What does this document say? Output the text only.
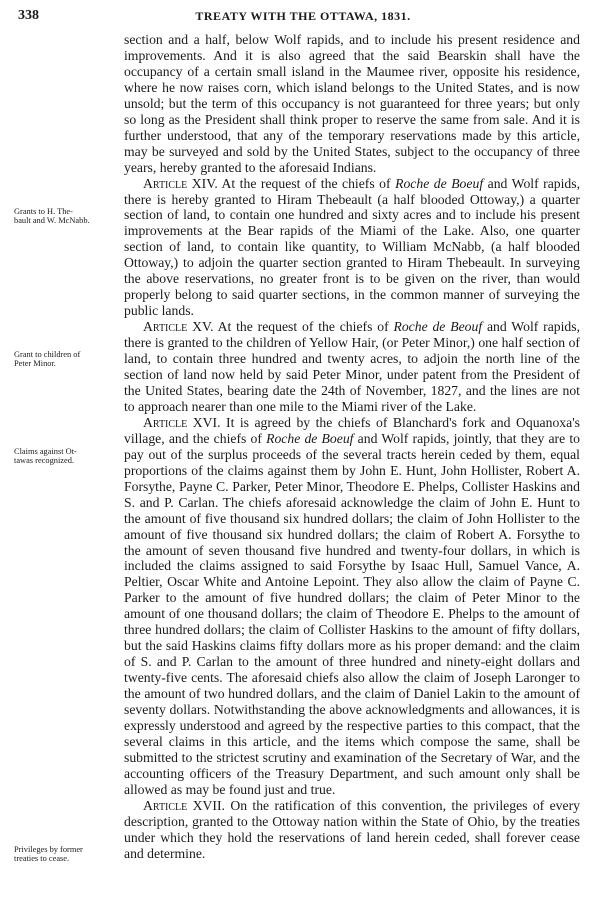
338	TREATY WITH THE OTTAWA, 1831.
Grants to H. The-
bault and W. McNabb.
Grant to children of
Peter Minor.
Claims against Ot-
tawas recognized.
Privileges by former
treaties to cease.

section and a half, below Wolf rapids, and to include his present residence and improvements. And it is also agreed that the said Bearskin shall have the occupancy of a certain small island in the Maumee river, opposite his residence, where he now raises corn, which island belongs to the United States, and is now unsold; but the term of this occupancy is not guaranteed for three years; but only so long as the President shall think proper to reserve the same from sale. And it is further understood, that any of the temporary reservations made by this article, may be surveyed and sold by the United States, subject to the occupancy of three years, hereby granted to the aforesaid Indians.

Article XIV. At the request of the chiefs of Roche de Boeuf and Wolf rapids, there is hereby granted to Hiram Thebeault (a half blooded Ottoway,) a quarter section of land, to contain one hundred and sixty acres and to include his present improvements at the Bear rapids of the Miami of the Lake. Also, one quarter section of land, to contain like quantity, to William McNabb, (a half blooded Ottoway,) to adjoin the quarter section granted to Hiram Thebeault. In surveying the above reservations, no greater front is to be given on the river, than would properly belong to said quarter sections, in the common manner of surveying the public lands.

Article XV. At the request of the chiefs of Roche de Beouf and Wolf rapids, there is granted to the children of Yellow Hair, (or Peter Minor,) one half section of land, to contain three hundred and twenty acres, to adjoin the north line of the section of land now held by said Peter Minor, under patent from the President of the United States, bearing date the 24th of November, 1827, and the lines are not to approach nearer than one mile to the Miami river of the Lake.

Article XVI. It is agreed by the chiefs of Blanchard's fork and Oquanoxa's village, and the chiefs of Roche de Boeuf and Wolf rapids, jointly, that they are to pay out of the surplus proceeds of the several tracts herein ceded by them, equal proportions of the claims against them by John E. Hunt, John Hollister, Robert A. Forsythe, Payne C. Parker, Peter Minor, Theodore E. Phelps, Collister Haskins and S. and P. Carlan. The chiefs aforesaid acknowledge the claim of John E. Hunt to the amount of five thousand six hundred dollars; the claim of John Hollister to the amount of five thousand six hundred dollars; the claim of Robert A. Forsythe to the amount of seven thousand five hundred and twenty-four dollars, in which is included the claims assigned to said Forsythe by Isaac Hull, Samuel Vance, A. Peltier, Oscar White and Antoine Lepoint. They also allow the claim of Payne C. Parker to the amount of five hundred dollars; the claim of Peter Minor to the amount of one thousand dollars; the claim of Theodore E. Phelps to the amount of three hundred dollars; the claim of Collister Haskins to the amount of fifty dollars, but the said Haskins claims fifty dollars more as his proper demand: and the claim of S. and P. Carlan to the amount of three hundred and ninety-eight dollars and twenty-five cents. The aforesaid chiefs also allow the claim of Joseph Laronger to the amount of two hundred dollars, and the claim of Daniel Lakin to the amount of seventy dollars. Notwithstanding the above acknowledgments and allowances, it is expressly understood and agreed by the respective parties to this compact, that the several claims in this article, and the items which compose the same, shall be submitted to the strictest scrutiny and examination of the Secretary of War, and the accounting officers of the Treasury Department, and such amount only shall be allowed as may be found just and true.

Article XVII. On the ratification of this convention, the privileges of every description, granted to the Ottoway nation within the State of Ohio, by the treaties under which they hold the reservations of land herein ceded, shall forever cease and determine.
